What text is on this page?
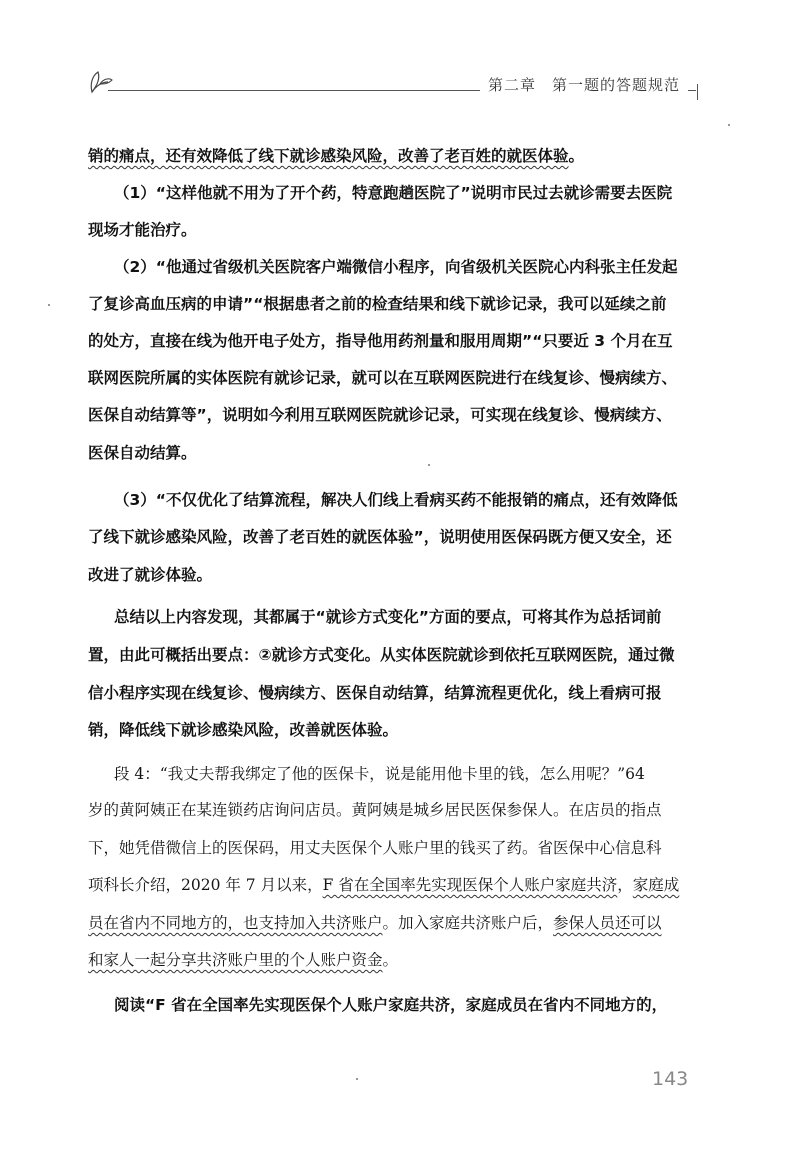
第二章　第一题的答题规范
销的痛点，还有效降低了线下就诊感染风险，改善了老百姓的就医体验。
（1）“这样他就不用为了开个药，特意跑趟医院了”说明市民过去就诊需要去医院
现场才能治疗。
（2）“他通过省级机关医院客户端微信小程序，向省级机关医院心内科张主任发起
了复诊高血压病的申请”“根据患者之前的检查结果和线下就诊记录，我可以延续之前
的处方，直接在线为他开电子处方，指导他用药剂量和服用周期”“只要近 3 个月在互
联网医院所属的实体医院有就诊记录，就可以在互联网医院进行在线复诊、慢病续方、
医保自动结算等”，说明如今利用互联网医院就诊记录，可实现在线复诊、慢病续方、
医保自动结算。
（3）“不仅优化了结算流程，解决人们线上看病买药不能报销的痛点，还有效降低
了线下就诊感染风险，改善了老百姓的就医体验”，说明使用医保码既方便又安全，还
改进了就诊体验。
总结以上内容发现，其都属于“就诊方式变化”方面的要点，可将其作为总括词前
置，由此可概括出要点：②就诊方式变化。从实体医院就诊到依托互联网医院，通过微
信小程序实现在线复诊、慢病续方、医保自动结算，结算流程更优化，线上看病可报
销，降低线下就诊感染风险，改善就医体验。
段 4：“我丈夫帮我绑定了他的医保卡，说是能用他卡里的钱，怎么用呢？”64
岁的黄阿姨正在某连锁药店询问店员。黄阿姨是城乡居民医保参保人。在店员的指点
下，她凭借微信上的医保码，用丈夫医保个人账户里的钱买了药。省医保中心信息科
项科长介绍，2020 年 7 月以来，F 省在全国率先实现医保个人账户家庭共济，家庭成
员在省内不同地方的，也支持加入共济账户。加入家庭共济账户后，参保人员还可以
和家人一起分享共济账户里的个人账户资金。
阅读“F 省在全国率先实现医保个人账户家庭共济，家庭成员在省内不同地方的，
143
